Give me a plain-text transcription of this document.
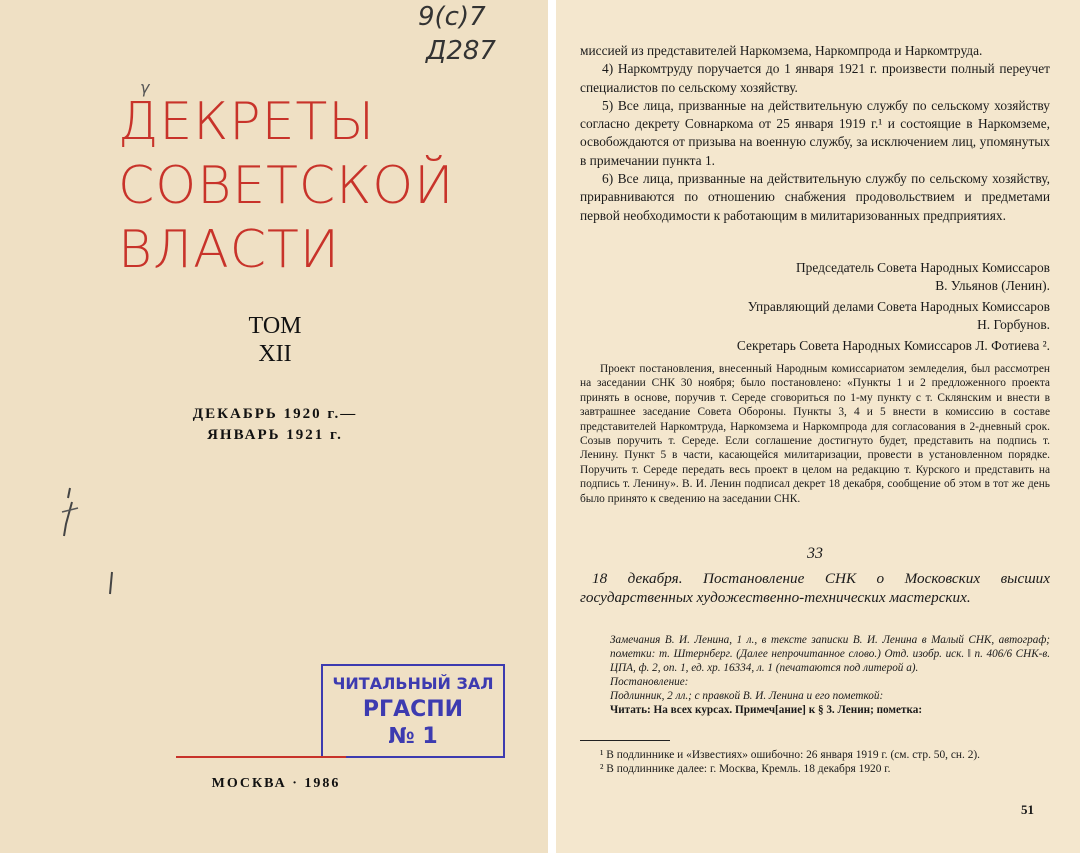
9(с)7
Д287
γ
ДЕКРЕТЫ
СОВЕТСКОЙ
ВЛАСТИ
ТОМ
XII
ДЕКАБРЬ 1920 г.—
ЯНВАРЬ 1921 г.
ЧИТАЛЬНЫЙ ЗАЛ
РГАСПИ
№ 1
МОСКВА · 1986

миссией из представителей Наркомзема, Наркомпрода и Наркомтруда.

4) Наркомтруду поручается до 1 января 1921 г. произвести полный переучет специалистов по сельскому хозяйству.

5) Все лица, призванные на действительную службу по сельскому хозяйству согласно декрету Совнаркома от 25 января 1919 г.¹ и состоящие в Наркомземе, освобождаются от призыва на военную службу, за исключением лиц, упомянутых в примечании пункта 1.

6) Все лица, призванные на действительную службу по сельскому хозяйству, приравниваются по отношению снабжения продовольствием и предметами первой необходимости к работающим в милитаризованных предприятиях.

Председатель Совета Народных Комиссаров

В. Ульянов (Ленин).

Управляющий делами Совета Народных Комиссаров

Н. Горбунов.

Секретарь Совета Народных Комиссаров Л. Фотиева ².

Проект постановления, внесенный Народным комиссариатом земледелия, был рассмотрен на заседании СНК 30 ноября; было постановлено: «Пункты 1 и 2 предложенного проекта принять в основе, поручив т. Середе сговориться по 1-му пункту с т. Склянским и внести в завтрашнее заседание Совета Обороны. Пункты 3, 4 и 5 внести в комиссию в составе представителей Наркомтруда, Наркомзема и Наркомпрода для согласования в 2-дневный срок. Созыв поручить т. Середе. Если соглашение достигнуто будет, представить на подпись т. Ленину. Пункт 5 в части, касающейся милитаризации, провести в установленном порядке. Поручить т. Середе передать весь проект в целом на редакцию т. Курского и представить на подпись т. Ленину». В. И. Ленин подписал декрет 18 декабря, сообщение об этом в тот же день было принято к сведению на заседании СНК.
33
18 декабря. Постановление СНК о Московских высших государственных художественно-технических мастерских.

Замечания В. И. Ленина, 1 л., в тексте записки В. И. Ленина в Малый СНК, автограф; пометки: т. Штернберг. (Далее непрочитанное слово.) Отд. изобр. иск. ‖ п. 406/6 СНК-в. ЦПА, ф. 2, оп. 1, ед. хр. 16334, л. 1 (печатаются под литерой а).

Постановление:

Подлинник, 2 лл.; с правкой В. И. Ленина и его пометкой:

Читать: На всех курсах. Примеч[ание] к § 3. Ленин; пометка:

¹ В подлиннике и «Известиях» ошибочно: 26 января 1919 г. (см. стр. 50, сн. 2).

² В подлиннике далее: г. Москва, Кремль. 18 декабря 1920 г.

51
